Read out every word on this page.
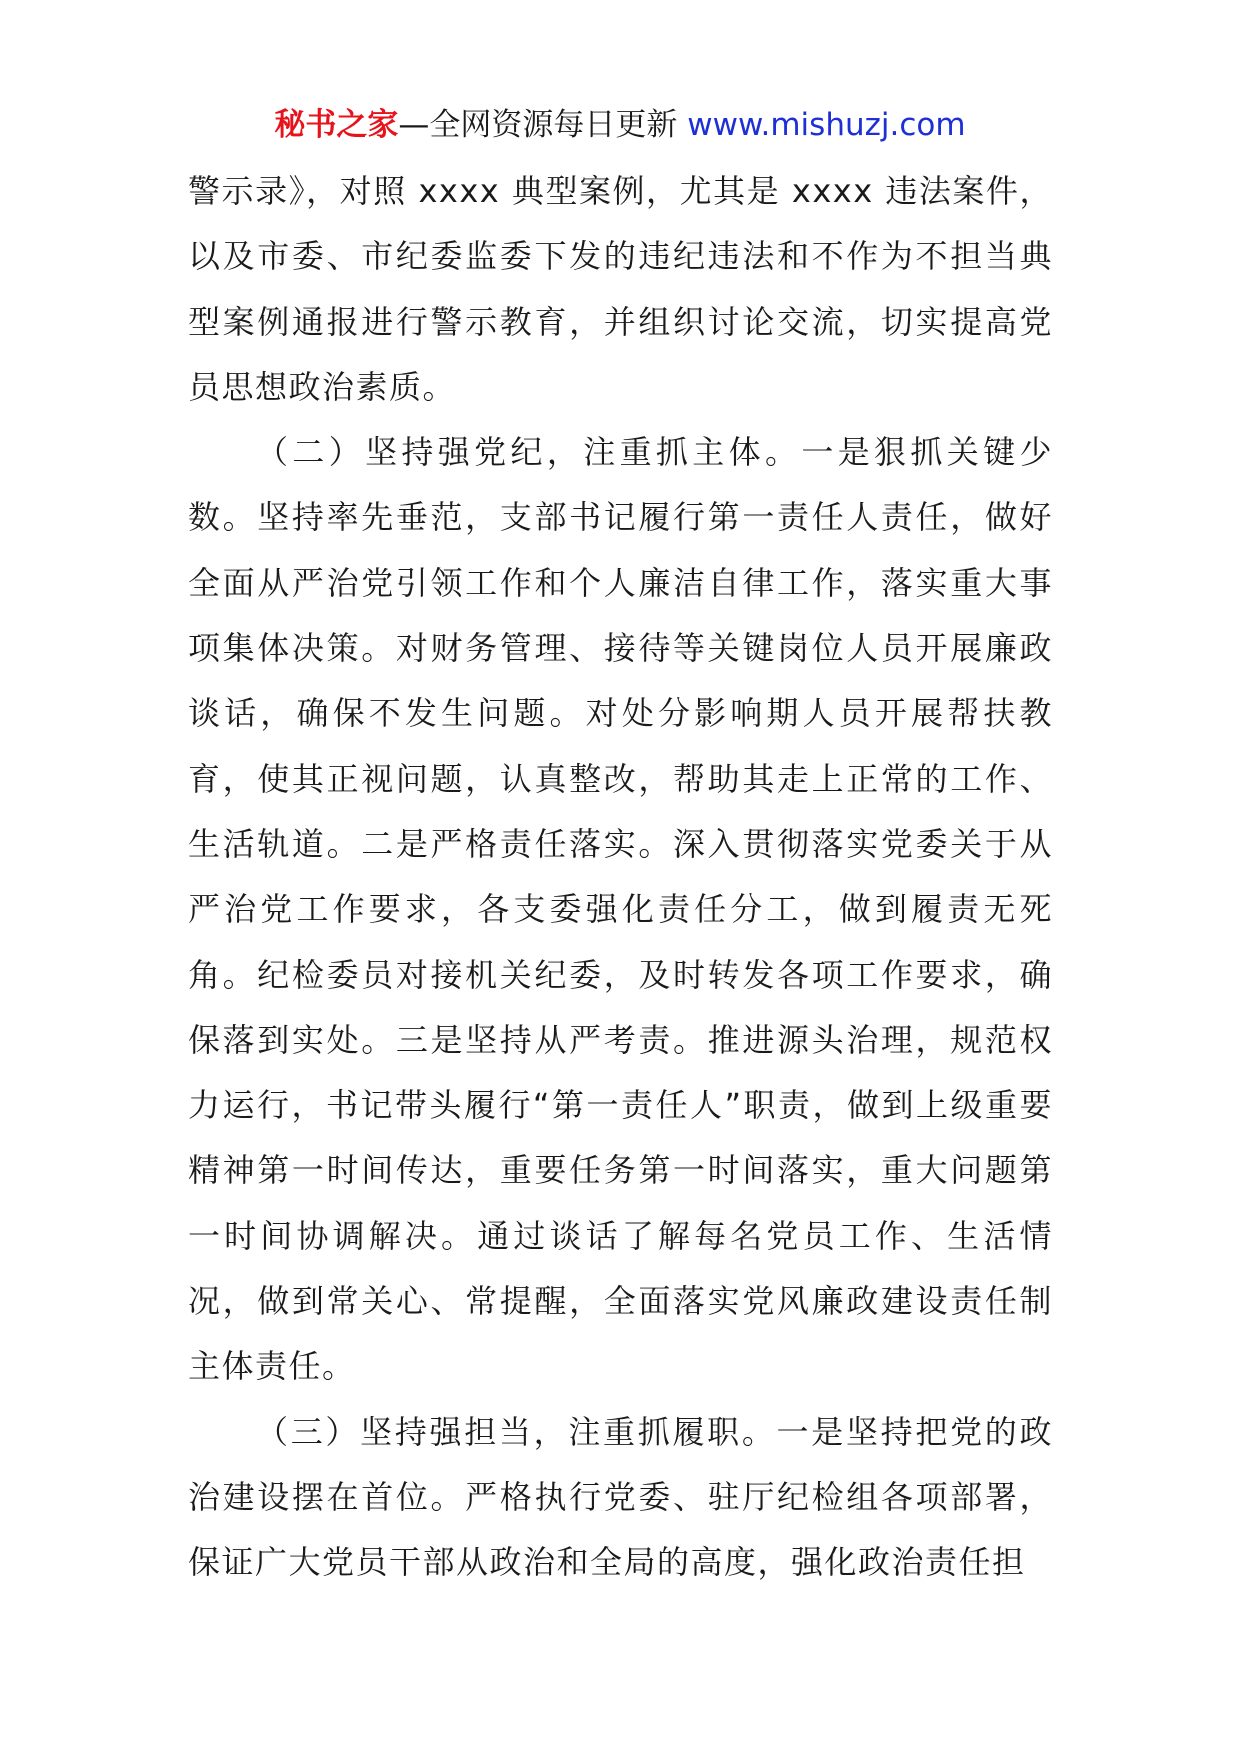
秘书之家—全网资源每日更新 www.mishuzj.com

警示录》，对照 xxxx 典型案例，尤其是 xxxx 违法案件，以及市委、市纪委监委下发的违纪违法和不作为不担当典型案例通报进行警示教育，并组织讨论交流，切实提高党员思想政治素质。

（二）坚持强党纪，注重抓主体。一是狠抓关键少数。坚持率先垂范，支部书记履行第一责任人责任，做好全面从严治党引领工作和个人廉洁自律工作，落实重大事项集体决策。对财务管理、接待等关键岗位人员开展廉政谈话，确保不发生问题。对处分影响期人员开展帮扶教育，使其正视问题，认真整改，帮助其走上正常的工作、生活轨道。二是严格责任落实。深入贯彻落实党委关于从严治党工作要求，各支委强化责任分工，做到履责无死角。纪检委员对接机关纪委，及时转发各项工作要求，确保落到实处。三是坚持从严考责。推进源头治理，规范权力运行，书记带头履行“第一责任人”职责，做到上级重要精神第一时间传达，重要任务第一时间落实，重大问题第一时间协调解决。通过谈话了解每名党员工作、生活情况，做到常关心、常提醒，全面落实党风廉政建设责任制主体责任。

（三）坚持强担当，注重抓履职。一是坚持把党的政治建设摆在首位。严格执行党委、驻厅纪检组各项部署，保证广大党员干部从政治和全局的高度，强化政治责任担
